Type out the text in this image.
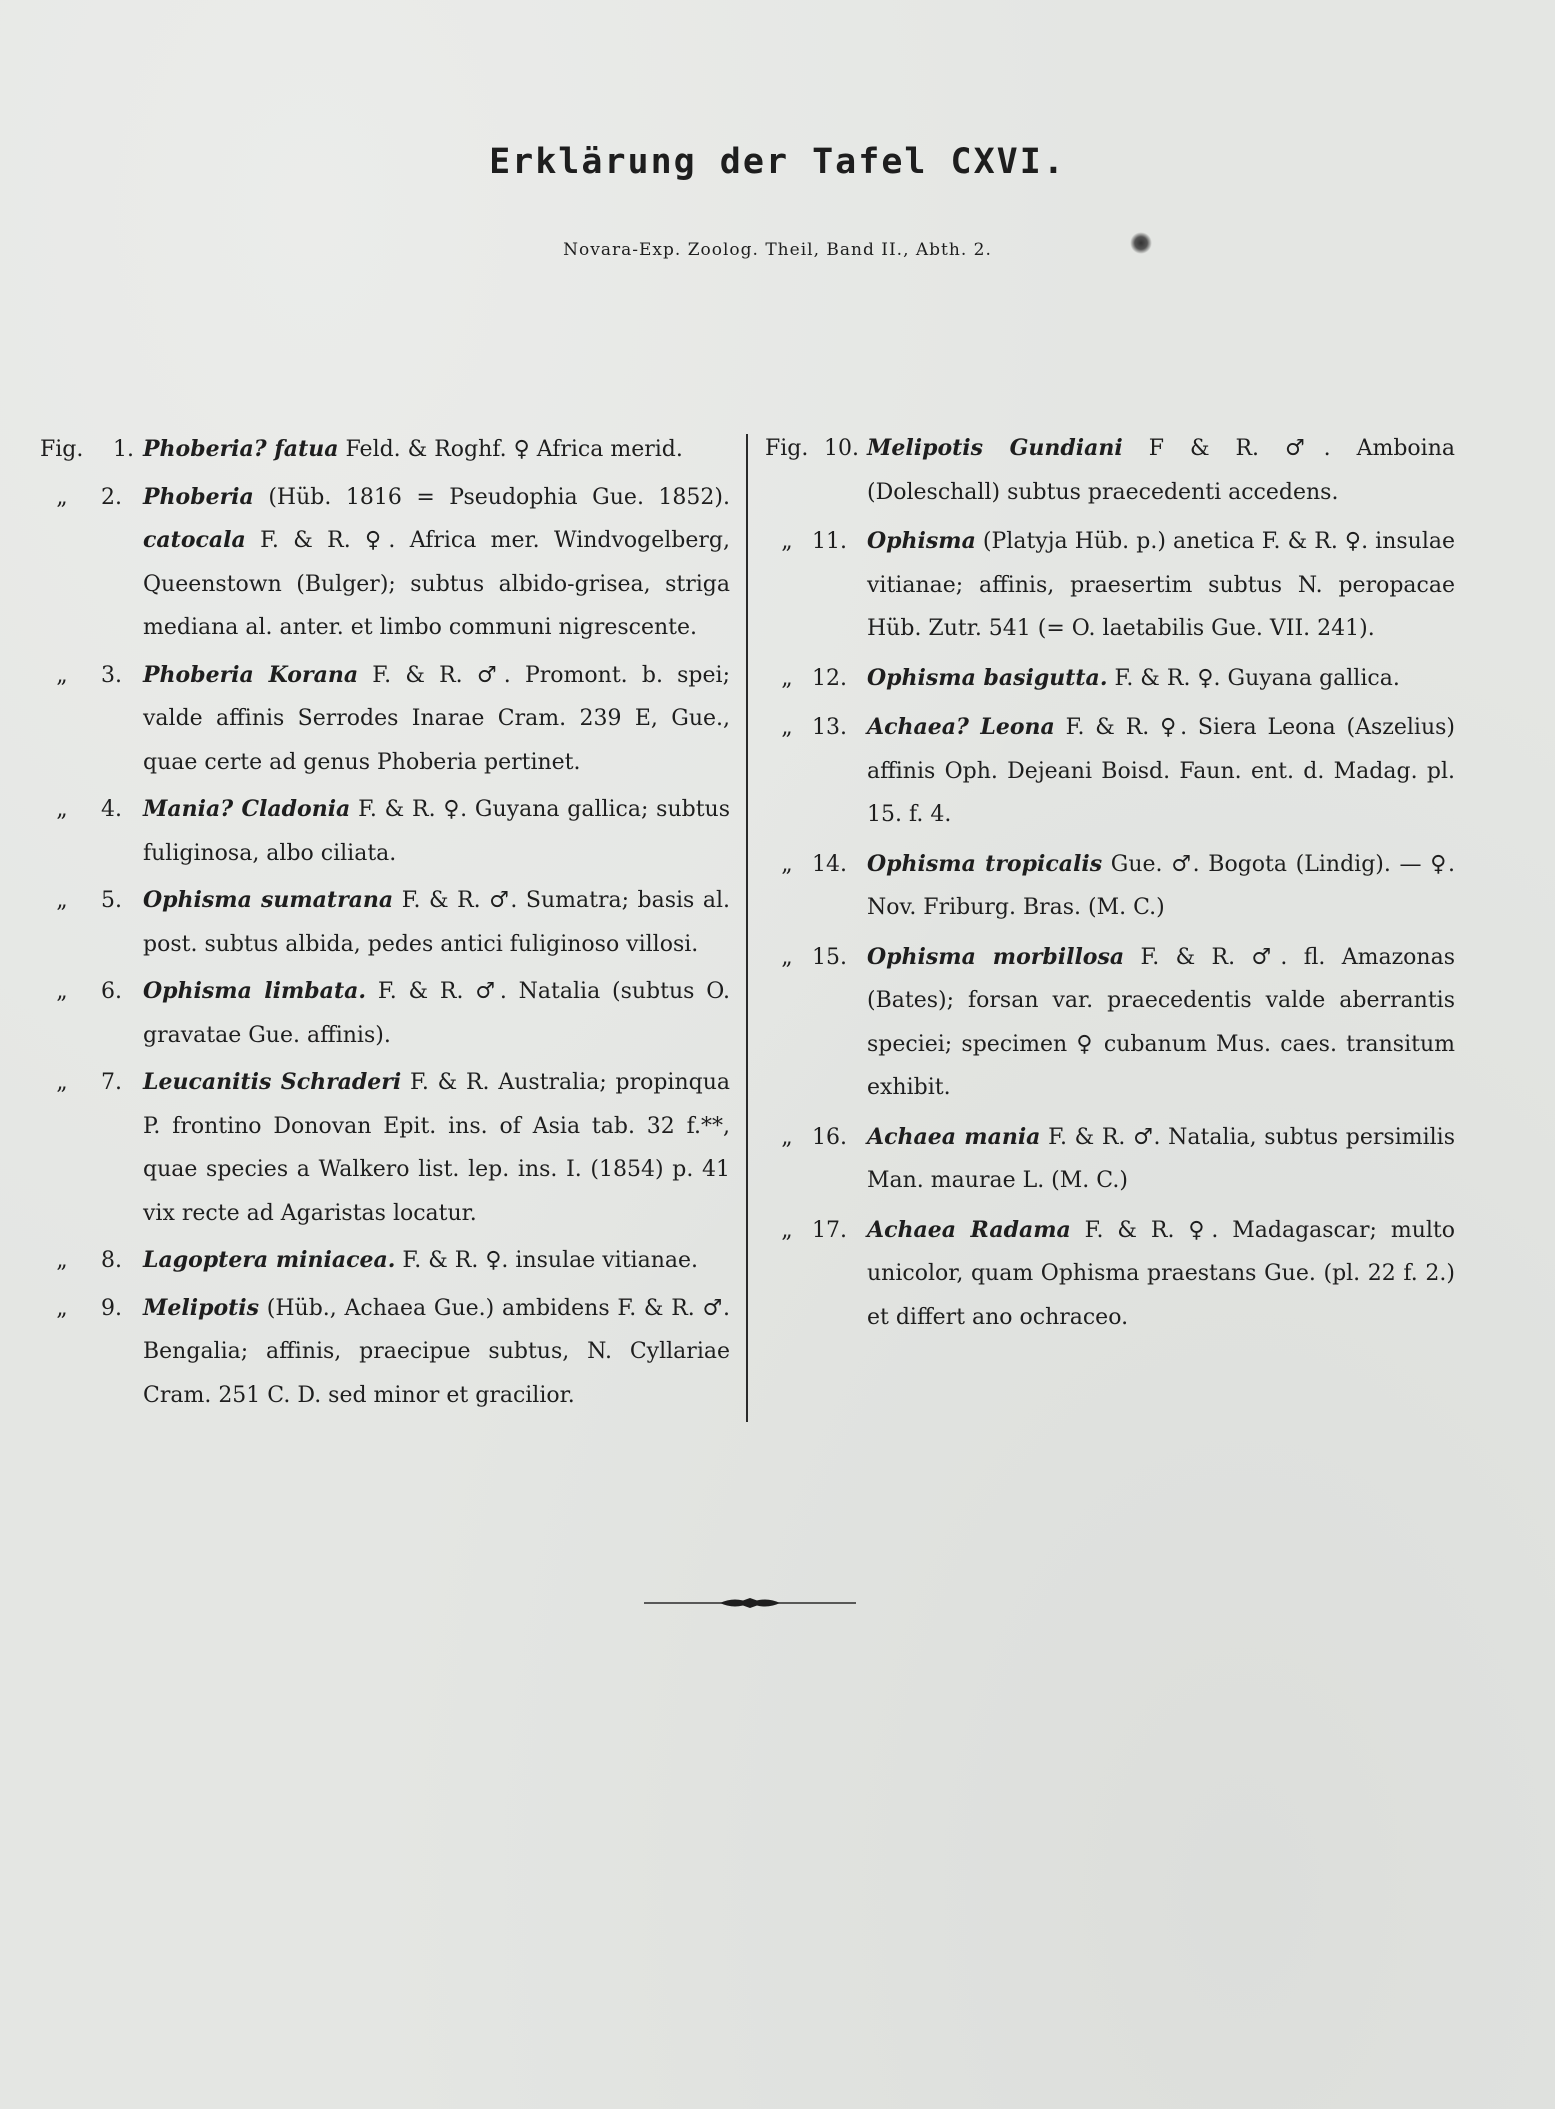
Erklärung der Tafel CXVI.
Novara-Exp. Zoolog. Theil, Band II., Abth. 2.
Fig. 1. Phoberia? fatua Feld. & Roghf. ♀ Africa merid.
„ 2. Phoberia (Hüb. 1816 = Pseudophia Gue. 1852). catocala F. & R. ♀. Africa mer. Windvogelberg, Queenstown (Bulger); subtus albido-grisea, striga mediana al. anter. et limbo communi nigrescente.
„ 3. Phoberia Korana F. & R. ♂. Promont. b. spei; valde affinis Serrodes Inarae Cram. 239 E, Gue., quae certe ad genus Phoberia pertinet.
„ 4. Mania? Cladonia F. & R. ♀. Guyana gallica; subtus fuliginosa, albo ciliata.
„ 5. Ophisma sumatrana F. & R. ♂. Sumatra; basis al. post. subtus albida, pedes antici fuliginoso villosi.
„ 6. Ophisma limbata. F. & R. ♂. Natalia (subtus O. gravatae Gue. affinis).
„ 7. Leucanitis Schraderi F. & R. Australia; propinqua P. frontino Donovan Epit. ins. of Asia tab. 32 f.**, quae species a Walkero list. lep. ins. I. (1854) p. 41 vix recte ad Agaristas locatur.
„ 8. Lagoptera miniacea. F. & R. ♀. insulae vitianae.
„ 9. Melipotis (Hüb., Achaea Gue.) ambidens F. & R. ♂. Bengalia; affinis, praecipue subtus, N. Cyllariae Cram. 251 C. D. sed minor et gracilior.
Fig. 10. Melipotis Gundiani F & R. ♂. Amboina (Doleschall) subtus praecedenti accedens.
„ 11. Ophisma (Platyja Hüb. p.) anetica F. & R. ♀. insulae vitianae; affinis, praesertim subtus N. peropacae Hüb. Zutr. 541 (= O. laetabilis Gue. VII. 241).
„ 12. Ophisma basigutta. F. & R. ♀. Guyana gallica.
„ 13. Achaea? Leona F. & R. ♀. Siera Leona (Aszelius) affinis Oph. Dejeani Boisd. Faun. ent. d. Madag. pl. 15. f. 4.
„ 14. Ophisma tropicalis Gue. ♂. Bogota (Lindig). — ♀. Nov. Friburg. Bras. (M. C.)
„ 15. Ophisma morbillosa F. & R. ♂. fl. Amazonas (Bates); forsan var. praecedentis valde aberrantis speciei; specimen ♀ cubanum Mus. caes. transitum exhibit.
„ 16. Achaea mania F. & R. ♂. Natalia, subtus persimilis Man. maurae L. (M. C.)
„ 17. Achaea Radama F. & R. ♀. Madagascar; multo unicolor, quam Ophisma praestans Gue. (pl. 22 f. 2.) et differt ano ochraceo.
